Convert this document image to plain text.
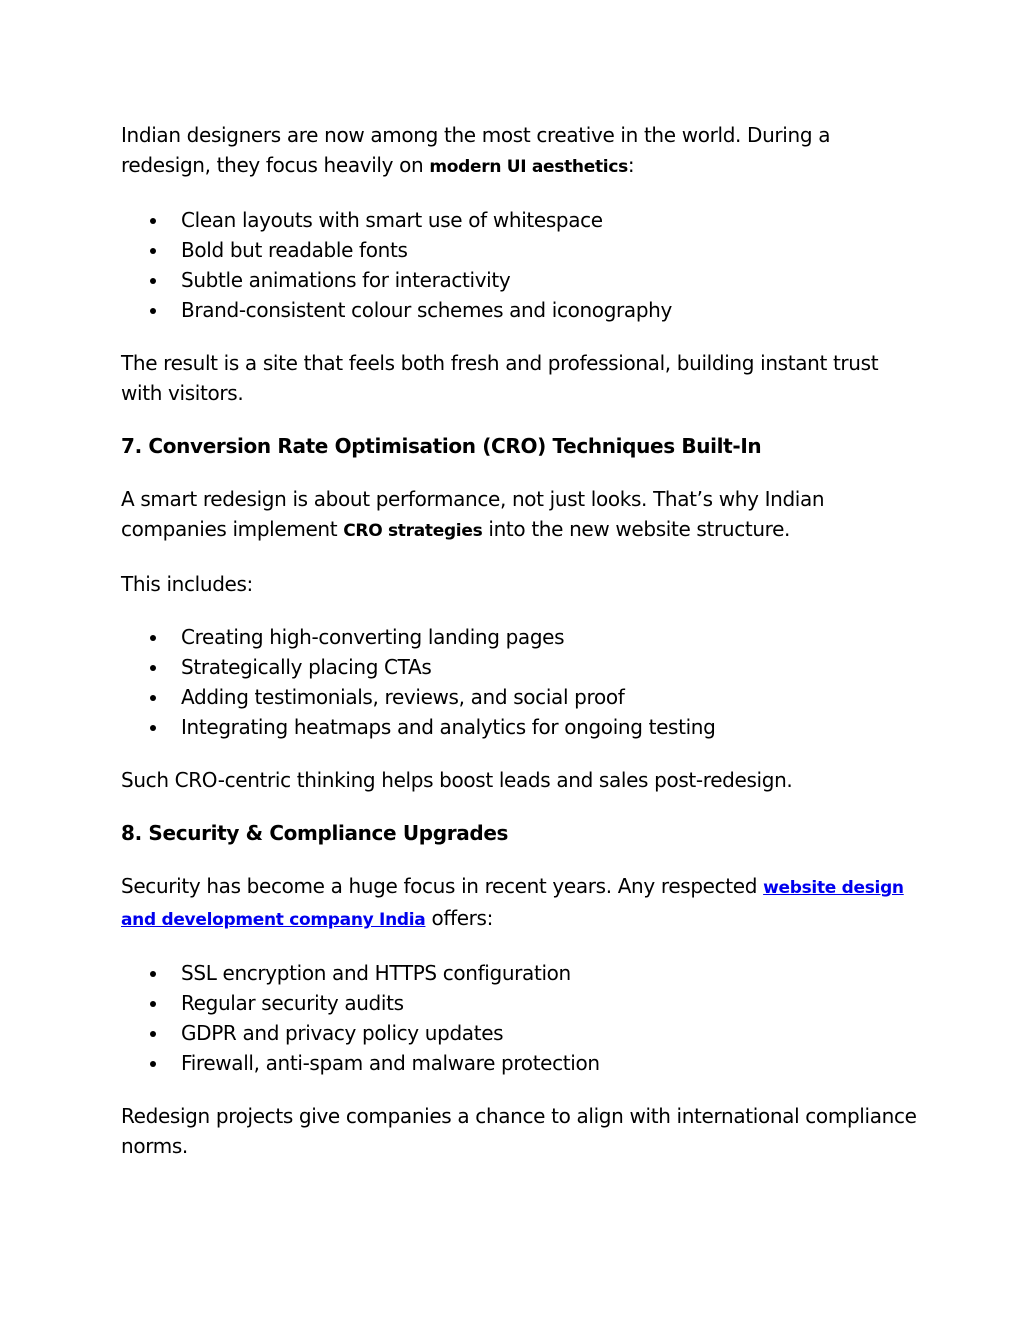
Indian designers are now among the most creative in the world. During a redesign, they focus heavily on modern UI aesthetics:

Clean layouts with smart use of whitespace
Bold but readable fonts
Subtle animations for interactivity
Brand-consistent colour schemes and iconography

The result is a site that feels both fresh and professional, building instant trust with visitors.

7. Conversion Rate Optimisation (CRO) Techniques Built-In

A smart redesign is about performance, not just looks. That’s why Indian companies implement CRO strategies into the new website structure.

This includes:

Creating high-converting landing pages
Strategically placing CTAs
Adding testimonials, reviews, and social proof
Integrating heatmaps and analytics for ongoing testing

Such CRO-centric thinking helps boost leads and sales post-redesign.

8. Security & Compliance Upgrades

Security has become a huge focus in recent years. Any respected website design and development company India offers:

SSL encryption and HTTPS configuration
Regular security audits
GDPR and privacy policy updates
Firewall, anti-spam and malware protection

Redesign projects give companies a chance to align with international compliance norms.
